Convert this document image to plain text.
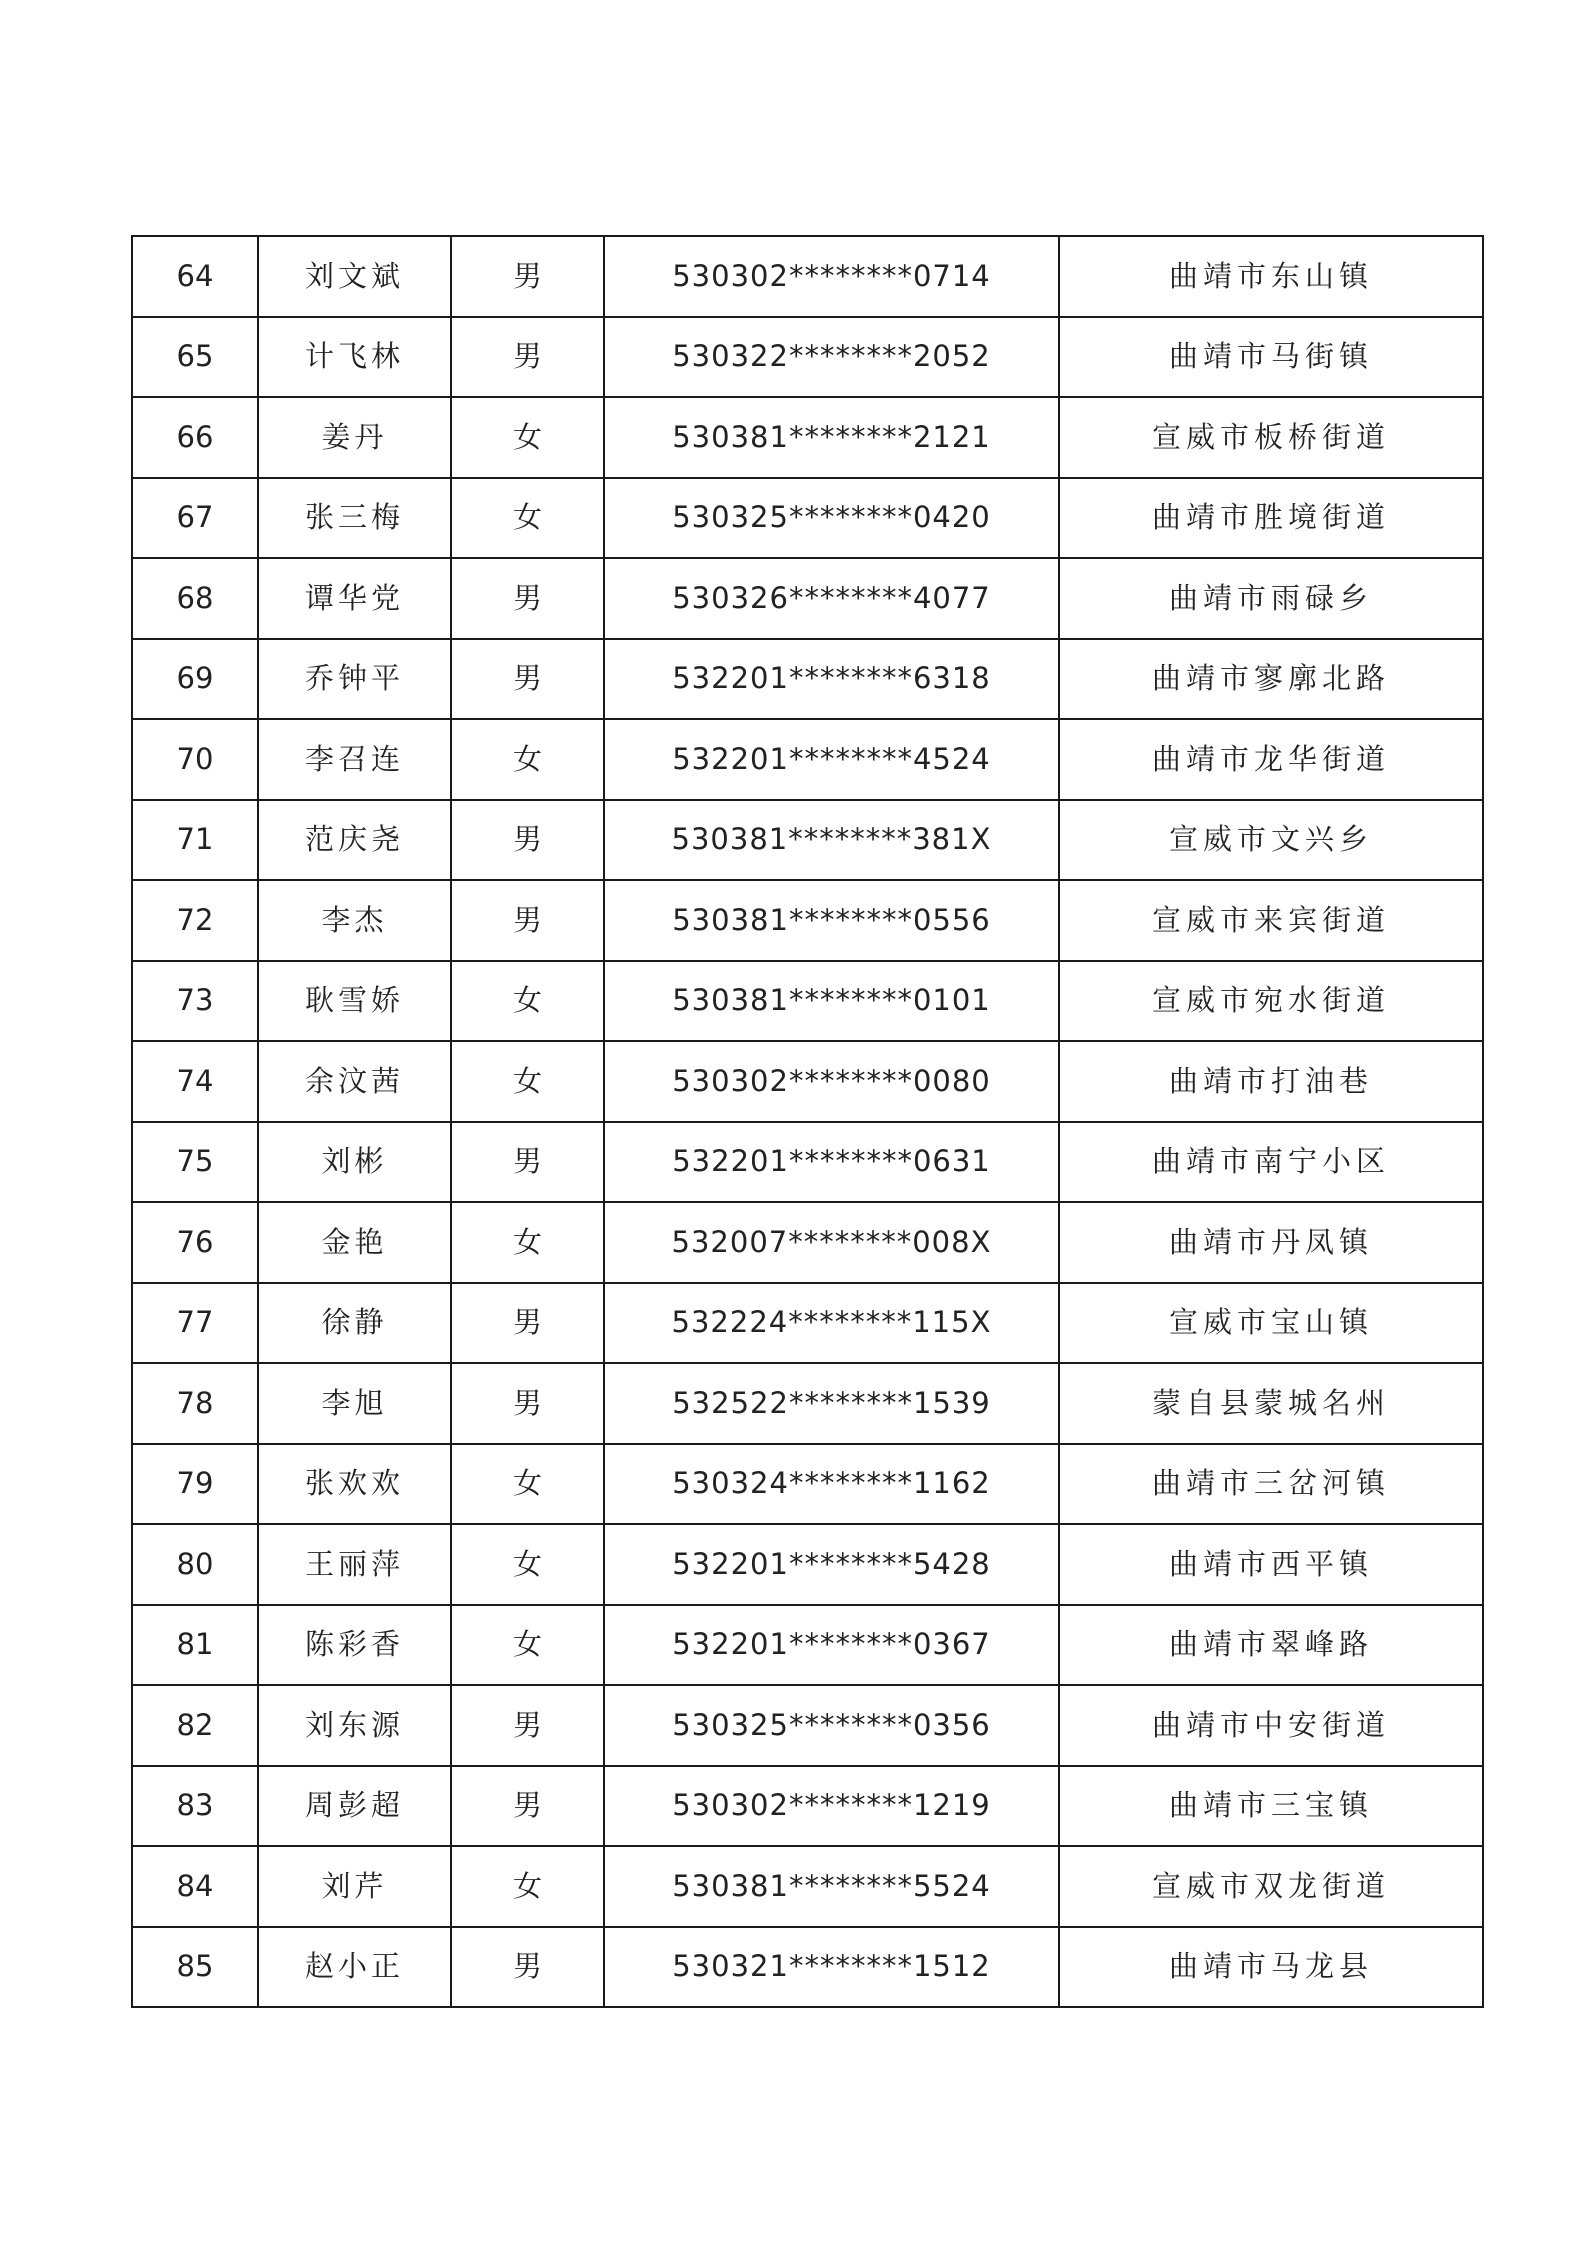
64	刘文斌	男	530302********0714	曲靖市东山镇
65	计飞林	男	530322********2052	曲靖市马街镇
66	姜丹	女	530381********2121	宣威市板桥街道
67	张三梅	女	530325********0420	曲靖市胜境街道
68	谭华党	男	530326********4077	曲靖市雨碌乡
69	乔钟平	男	532201********6318	曲靖市寥廓北路
70	李召连	女	532201********4524	曲靖市龙华街道
71	范庆尧	男	530381********381X	宣威市文兴乡
72	李杰	男	530381********0556	宣威市来宾街道
73	耿雪娇	女	530381********0101	宣威市宛水街道
74	余汶茜	女	530302********0080	曲靖市打油巷
75	刘彬	男	532201********0631	曲靖市南宁小区
76	金艳	女	532007********008X	曲靖市丹凤镇
77	徐静	男	532224********115X	宣威市宝山镇
78	李旭	男	532522********1539	蒙自县蒙城名州
79	张欢欢	女	530324********1162	曲靖市三岔河镇
80	王丽萍	女	532201********5428	曲靖市西平镇
81	陈彩香	女	532201********0367	曲靖市翠峰路
82	刘东源	男	530325********0356	曲靖市中安街道
83	周彭超	男	530302********1219	曲靖市三宝镇
84	刘芹	女	530381********5524	宣威市双龙街道
85	赵小正	男	530321********1512	曲靖市马龙县
